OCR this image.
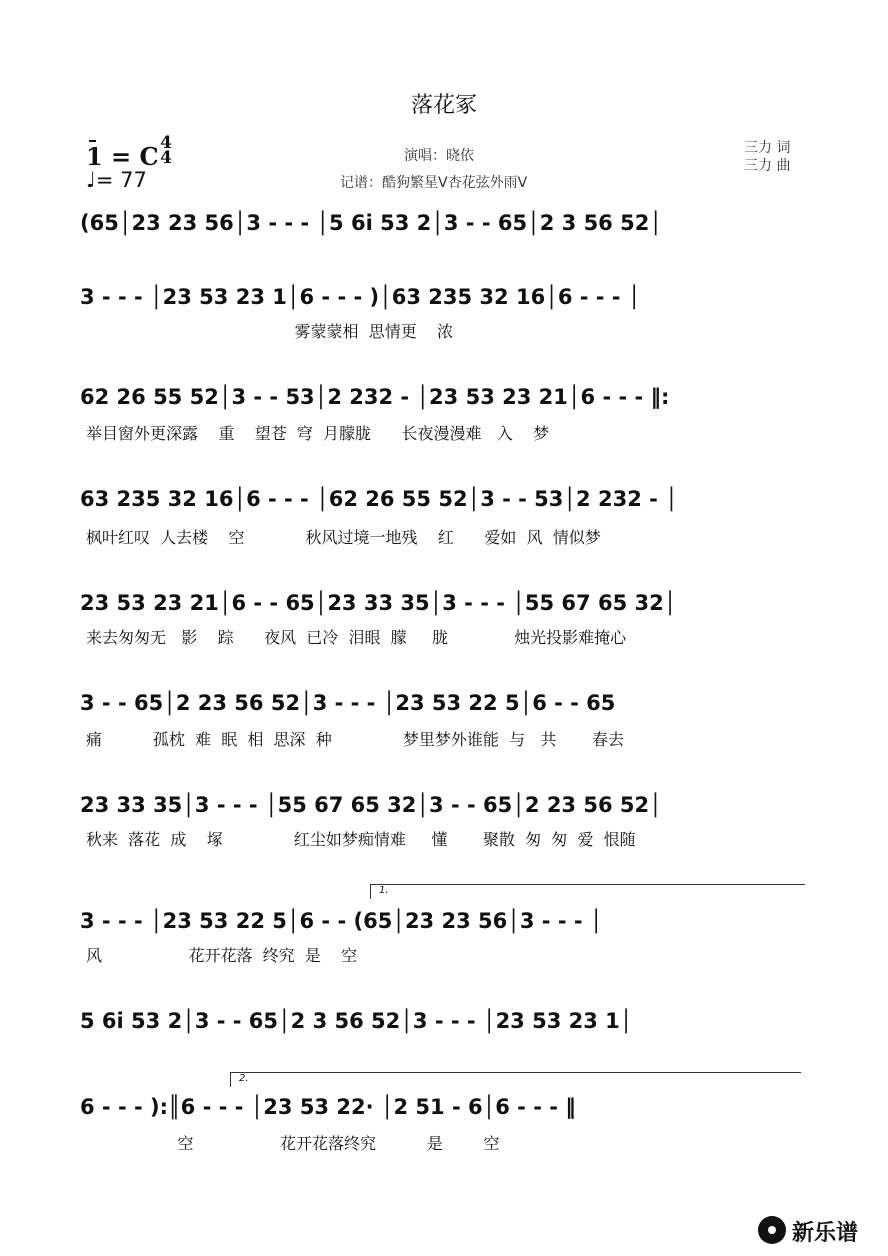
落花冢
1 = C 4
4
♩= 77
演唱：晓依
记谱：酷狗繁星V杏花弦外雨V
三力 词
三力 曲
(65│23 23 56│3 - - - │5 6i 53 2│3 - - 65│2 3 56 52│
3 - - - │23 53 23 1│6 - - - )│63 235 32 16│6 - - - │
雾蒙蒙相  思情更    浓
62 26 55 52│3 - - 53│2 232 - │23 53 23 21│6 - - - ‖:
举目窗外更深露    重    望苍  穹  月朦胧      长夜漫漫难   入    梦
63 235 32 16│6 - - - │62 26 55 52│3 - - 53│2 232 - │
枫叶红叹  人去楼    空            秋风过境一地残    红      爱如  风  情似梦
23 53 23 21│6 - - 65│23 33 35│3 - - - │55 67 65 32│
来去匆匆无   影    踪      夜风  已冷  泪眼  朦     胧             烛光投影难掩心
3 - - 65│2 23 56 52│3 - - - │23 53 22 5│6 - - 65
痛          孤枕  难  眠  相  思深  种              梦里梦外谁能  与   共       春去
23 33 35│3 - - - │55 67 65 32│3 - - 65│2 23 56 52│
秋来  落花  成    塚              红尘如梦痴情难     懂       聚散  匆  匆  爱  恨随
1.
3 - - - │23 53 22 5│6 - - (65│23 23 56│3 - - - │
风                 花开花落  终究  是    空
5 6i 53 2│3 - - 65│2 3 56 52│3 - - - │23 53 23 1│
2.
6 - - - ):║6 - - - │23 53 22· │2 51 - 6│6 - - - ‖
空                 花开花落终究          是        空
新乐谱
